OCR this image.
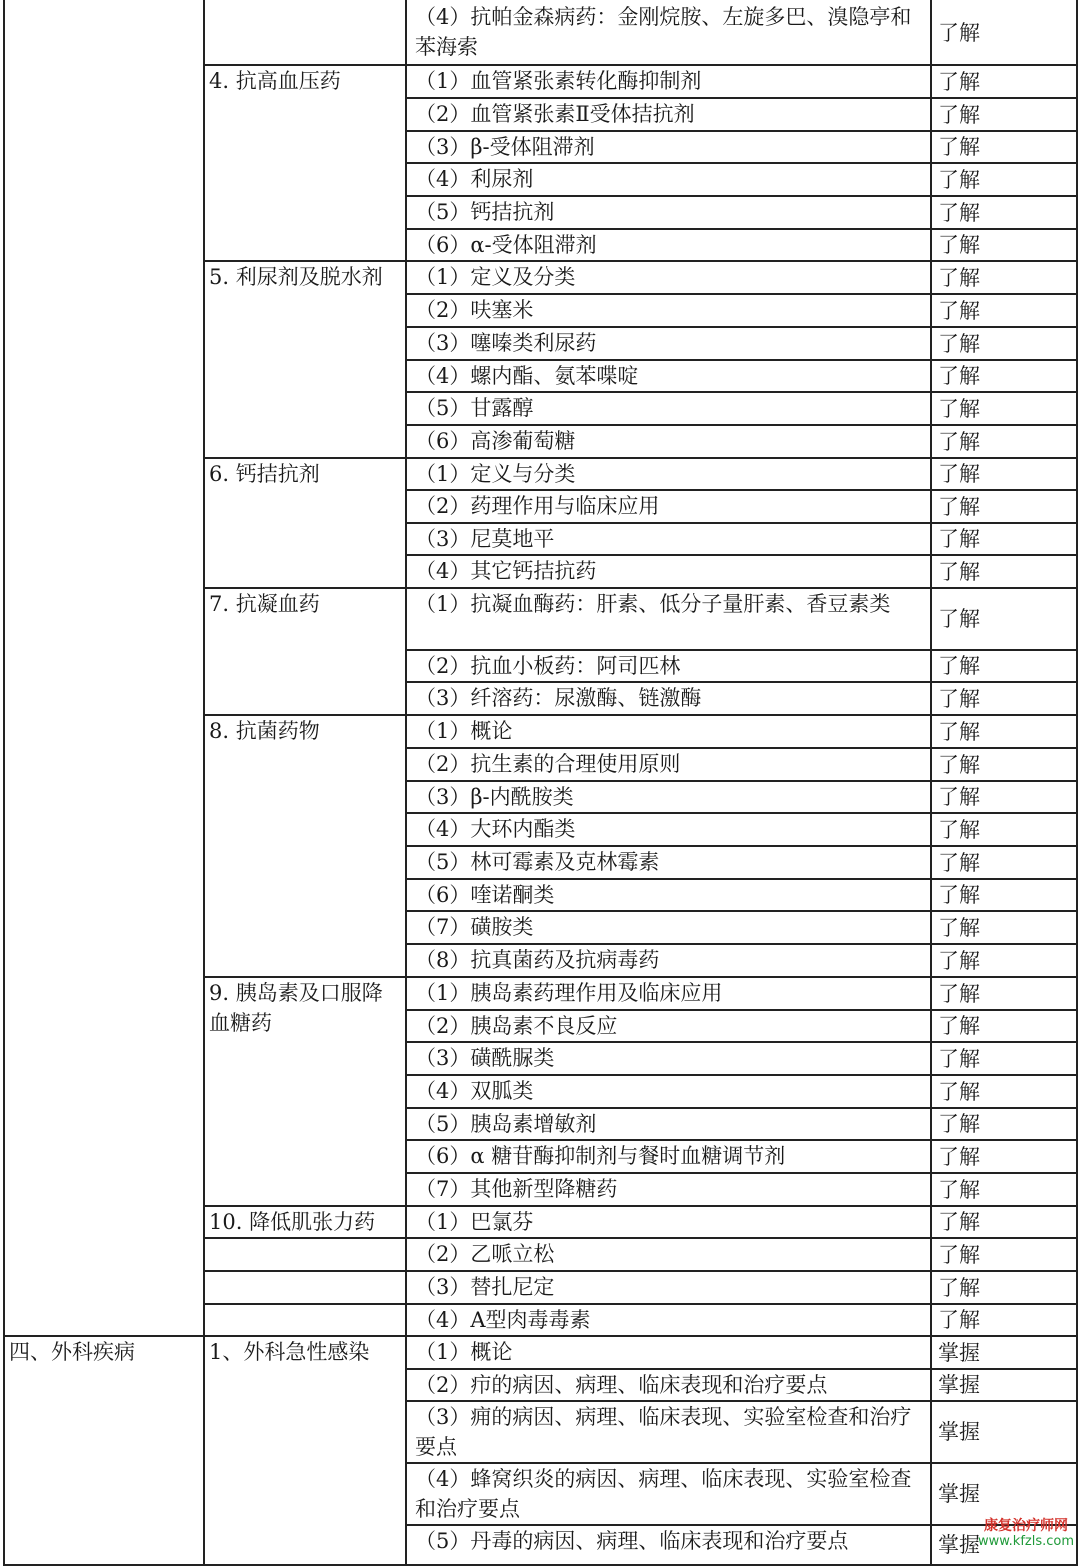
		（4）抗帕金森病药：金刚烷胺、左旋多巴、溴隐亭和苯海索	了解
	4. 抗高血压药	（1）血管紧张素转化酶抑制剂	了解
		（2）血管紧张素Ⅱ受体拮抗剂	了解
		（3）β-受体阻滞剂	了解
		（4）利尿剂	了解
		（5）钙拮抗剂	了解
		（6）α-受体阻滞剂	了解
	5. 利尿剂及脱水剂	（1）定义及分类	了解
		（2）呋塞米	了解
		（3）噻嗪类利尿药	了解
		（4）螺内酯、氨苯喋啶	了解
		（5）甘露醇	了解
		（6）高渗葡萄糖	了解
	6. 钙拮抗剂	（1）定义与分类	了解
		（2）药理作用与临床应用	了解
		（3）尼莫地平	了解
		（4）其它钙拮抗药	了解
	7. 抗凝血药	（1）抗凝血酶药：肝素、低分子量肝素、香豆素类	了解
		（2）抗血小板药：阿司匹林	了解
		（3）纤溶药：尿激酶、链激酶	了解
	8. 抗菌药物	（1）概论	了解
		（2）抗生素的合理使用原则	了解
		（3）β-内酰胺类	了解
		（4）大环内酯类	了解
		（5）林可霉素及克林霉素	了解
		（6）喹诺酮类	了解
		（7）磺胺类	了解
		（8）抗真菌药及抗病毒药	了解
	9. 胰岛素及口服降血糖药	（1）胰岛素药理作用及临床应用	了解
		（2）胰岛素不良反应	了解
		（3）磺酰脲类	了解
		（4）双胍类	了解
		（5）胰岛素增敏剂	了解
		（6）α 糖苷酶抑制剂与餐时血糖调节剂	了解
		（7）其他新型降糖药	了解
	10. 降低肌张力药	（1）巴氯芬	了解
		（2）乙哌立松	了解
		（3）替扎尼定	了解
		（4）A型肉毒毒素	了解
四、外科疾病	1、外科急性感染	（1）概论	掌握
		（2）疖的病因、病理、临床表现和治疗要点	掌握
		（3）痈的病因、病理、临床表现、实验室检查和治疗要点	掌握
		（4）蜂窝织炎的病因、病理、临床表现、实验室检查和治疗要点	掌握
		（5）丹毒的病因、病理、临床表现和治疗要点	掌握
康复治疗师网
www.kfzls.com
